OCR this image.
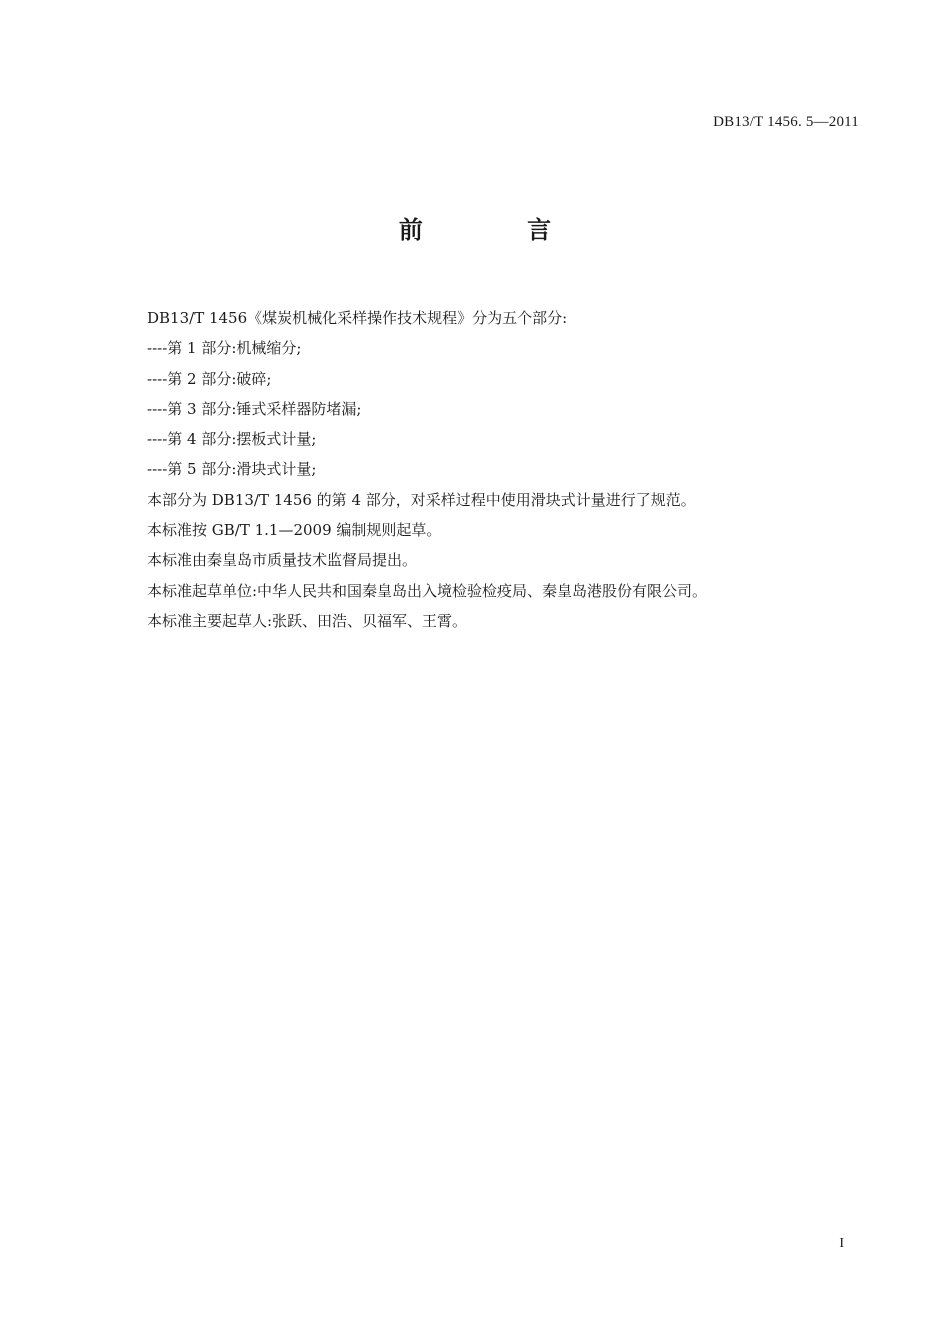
DB13/T 1456. 5—2011
前 言
DB13/T 1456《煤炭机械化采样操作技术规程》分为五个部分:
----第 1 部分:机械缩分;
----第 2 部分:破碎;
----第 3 部分:锤式采样器防堵漏;
----第 4 部分:摆板式计量;
----第 5 部分:滑块式计量;
本部分为 DB13/T 1456 的第 4 部分，对采样过程中使用滑块式计量进行了规范。
本标准按 GB/T 1.1—2009 编制规则起草。
本标准由秦皇岛市质量技术监督局提出。
本标准起草单位:中华人民共和国秦皇岛出入境检验检疫局、秦皇岛港股份有限公司。
本标准主要起草人:张跃、田浩、贝福军、王霄。
I
